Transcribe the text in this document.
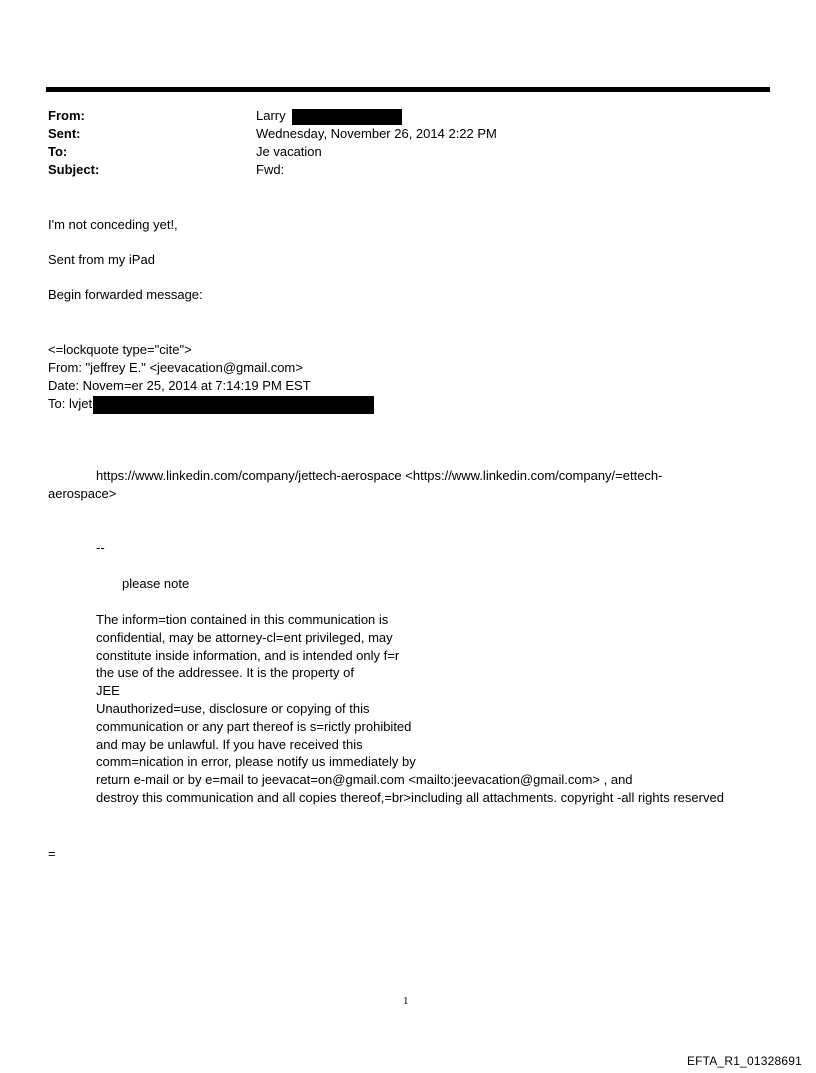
From:	Larry
Sent:	Wednesday, November 26, 2014 2:22 PM
To:	Je vacation
Subject:	Fwd:
I'm not conceding yet!,
Sent from my iPad
Begin forwarded message:
<=lockquote type="cite">
From: "jeffrey E." <jeevacation@gmail.com>
Date: Novem=er 25, 2014 at 7:14:19 PM EST
To: lvjet
https://www.linkedin.com/company/jettech-aerospace <https://www.linkedin.com/company/=ettech-
aerospace>
--
please note
The inform=tion contained in this communication is
confidential, may be attorney-cl=ent privileged, may
constitute inside information, and is intended only f=r
the use of the addressee. It is the property of
JEE
Unauthorized=use, disclosure or copying of this
communication or any part thereof is s=rictly prohibited
and may be unlawful. If you have received this
comm=nication in error, please notify us immediately by
return e-mail or by e=mail to jeevacat=on@gmail.com <mailto:jeevacation@gmail.com> , and
destroy this communication and all copies thereof,=br>including all attachments. copyright -all rights reserved
=
1
EFTA_R1_01328691
